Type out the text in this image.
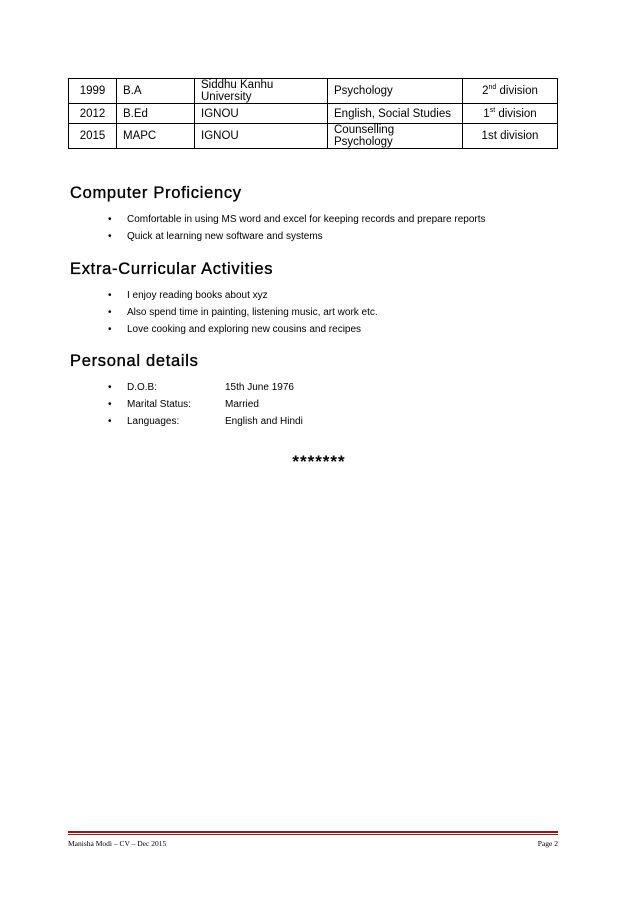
1999	B.A	Siddhu Kanhu University	Psychology	2nd division
2012	B.Ed	IGNOU	English, Social Studies	1st division
2015	MAPC	IGNOU	Counselling Psychology	1st division
Computer Proficiency
• Comfortable in using MS word and excel for keeping records and prepare reports
• Quick at learning new software and systems
Extra-Curricular Activities
• I enjoy reading books about xyz
• Also spend time in painting, listening music, art work etc.
• Love cooking and exploring new cousins and recipes
Personal details
• D.O.B:	15th June 1976
• Marital Status:	Married
• Languages:	English and Hindi
*******
Manisha Modi – CV – Dec 2015	Page 2
